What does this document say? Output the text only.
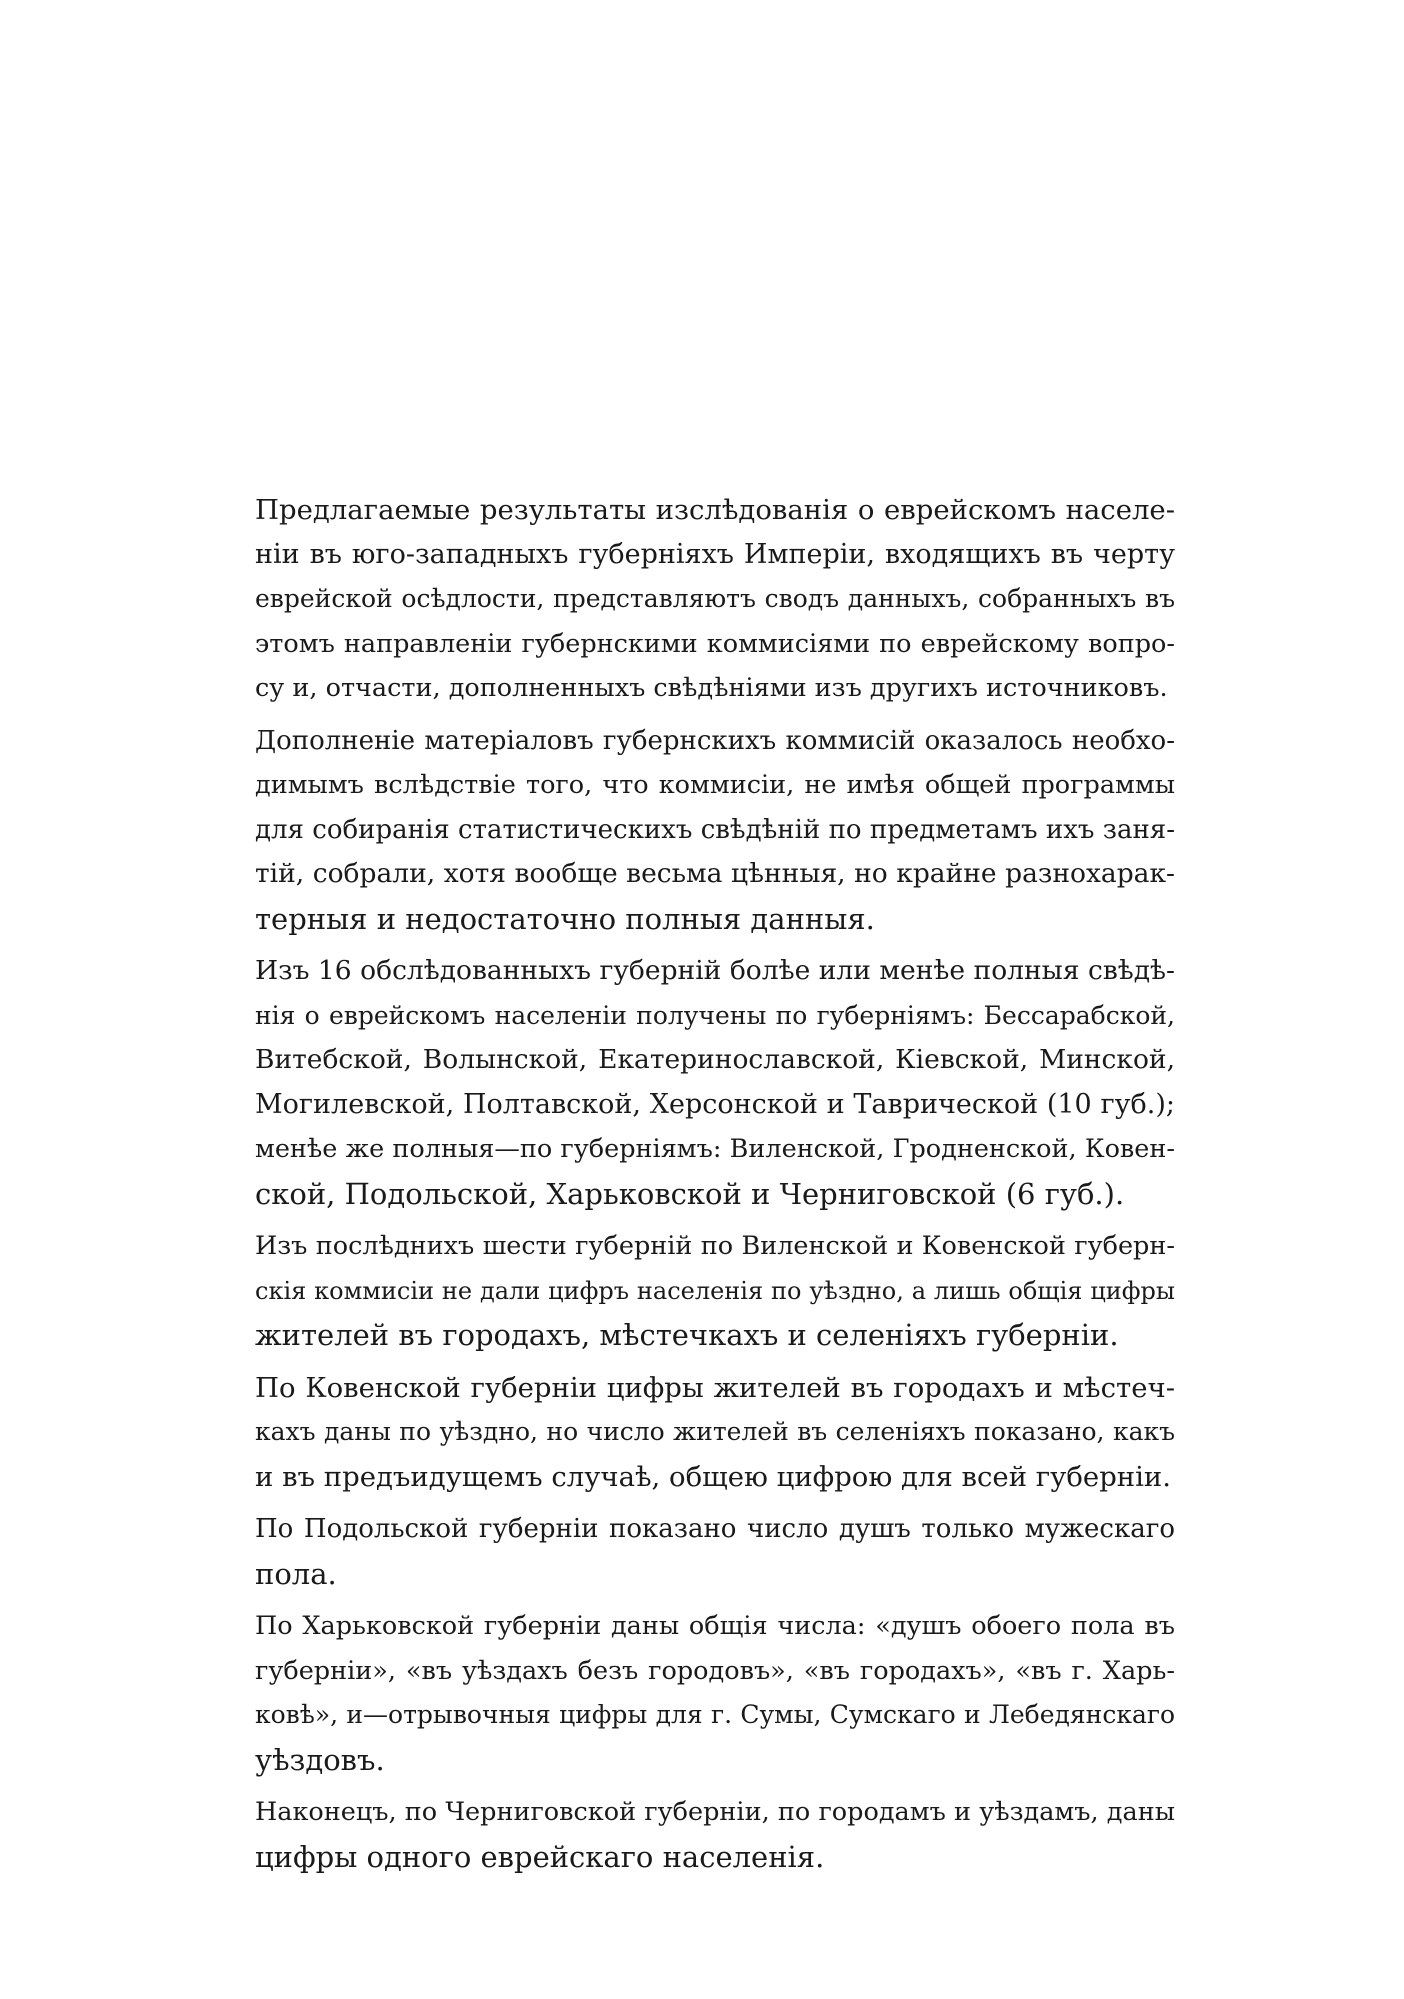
Предлагаемые результаты изслѣдованія о еврейскомъ населе-
ніи въ юго-западныхъ губерніяхъ Имперіи, входящихъ въ черту
еврейской осѣдлости, представляютъ сводъ данныхъ, собранныхъ въ
этомъ направленіи губернскими коммисіями по еврейскому вопро-
су и, отчасти, дополненныхъ свѣдѣніями изъ другихъ источниковъ.
Дополненіе матеріаловъ губернскихъ коммисій оказалось необхо-
димымъ вслѣдствіе того, что коммисіи, не имѣя общей программы
для собиранія статистическихъ свѣдѣній по предметамъ ихъ заня-
тій, собрали, хотя вообще весьма цѣнныя, но крайне разнохарак-
терныя и недостаточно полныя данныя.
Изъ 16 обслѣдованныхъ губерній болѣе или менѣе полныя свѣдѣ-
нія о еврейскомъ населеніи получены по губерніямъ: Бессарабской,
Витебской, Волынской, Екатеринославской, Кіевской, Минской,
Могилевской, Полтавской, Херсонской и Таврической (10 губ.);
менѣе же полныя—по губерніямъ: Виленской, Гродненской, Ковен-
ской, Подольской, Харьковской и Черниговской (6 губ.).
Изъ послѣднихъ шести губерній по Виленской и Ковенской губерн-
скія коммисіи не дали цифръ населенія по уѣздно, а лишь общія цифры
жителей въ городахъ, мѣстечкахъ и селеніяхъ губерніи.
По Ковенской губерніи цифры жителей въ городахъ и мѣстеч-
кахъ даны по уѣздно, но число жителей въ селеніяхъ показано, какъ
и въ предъидущемъ случаѣ, общею цифрою для всей губерніи.
По Подольской губерніи показано число душъ только мужескаго
пола.
По Харьковской губерніи даны общія числа: «душъ обоего пола въ
губерніи», «въ уѣздахъ безъ городовъ», «въ городахъ», «въ г. Харь-
ковѣ», и—отрывочныя цифры для г. Сумы, Сумскаго и Лебедянскаго
уѣздовъ.
Наконецъ, по Черниговской губерніи, по городамъ и уѣздамъ, даны
цифры одного еврейскаго населенія.
